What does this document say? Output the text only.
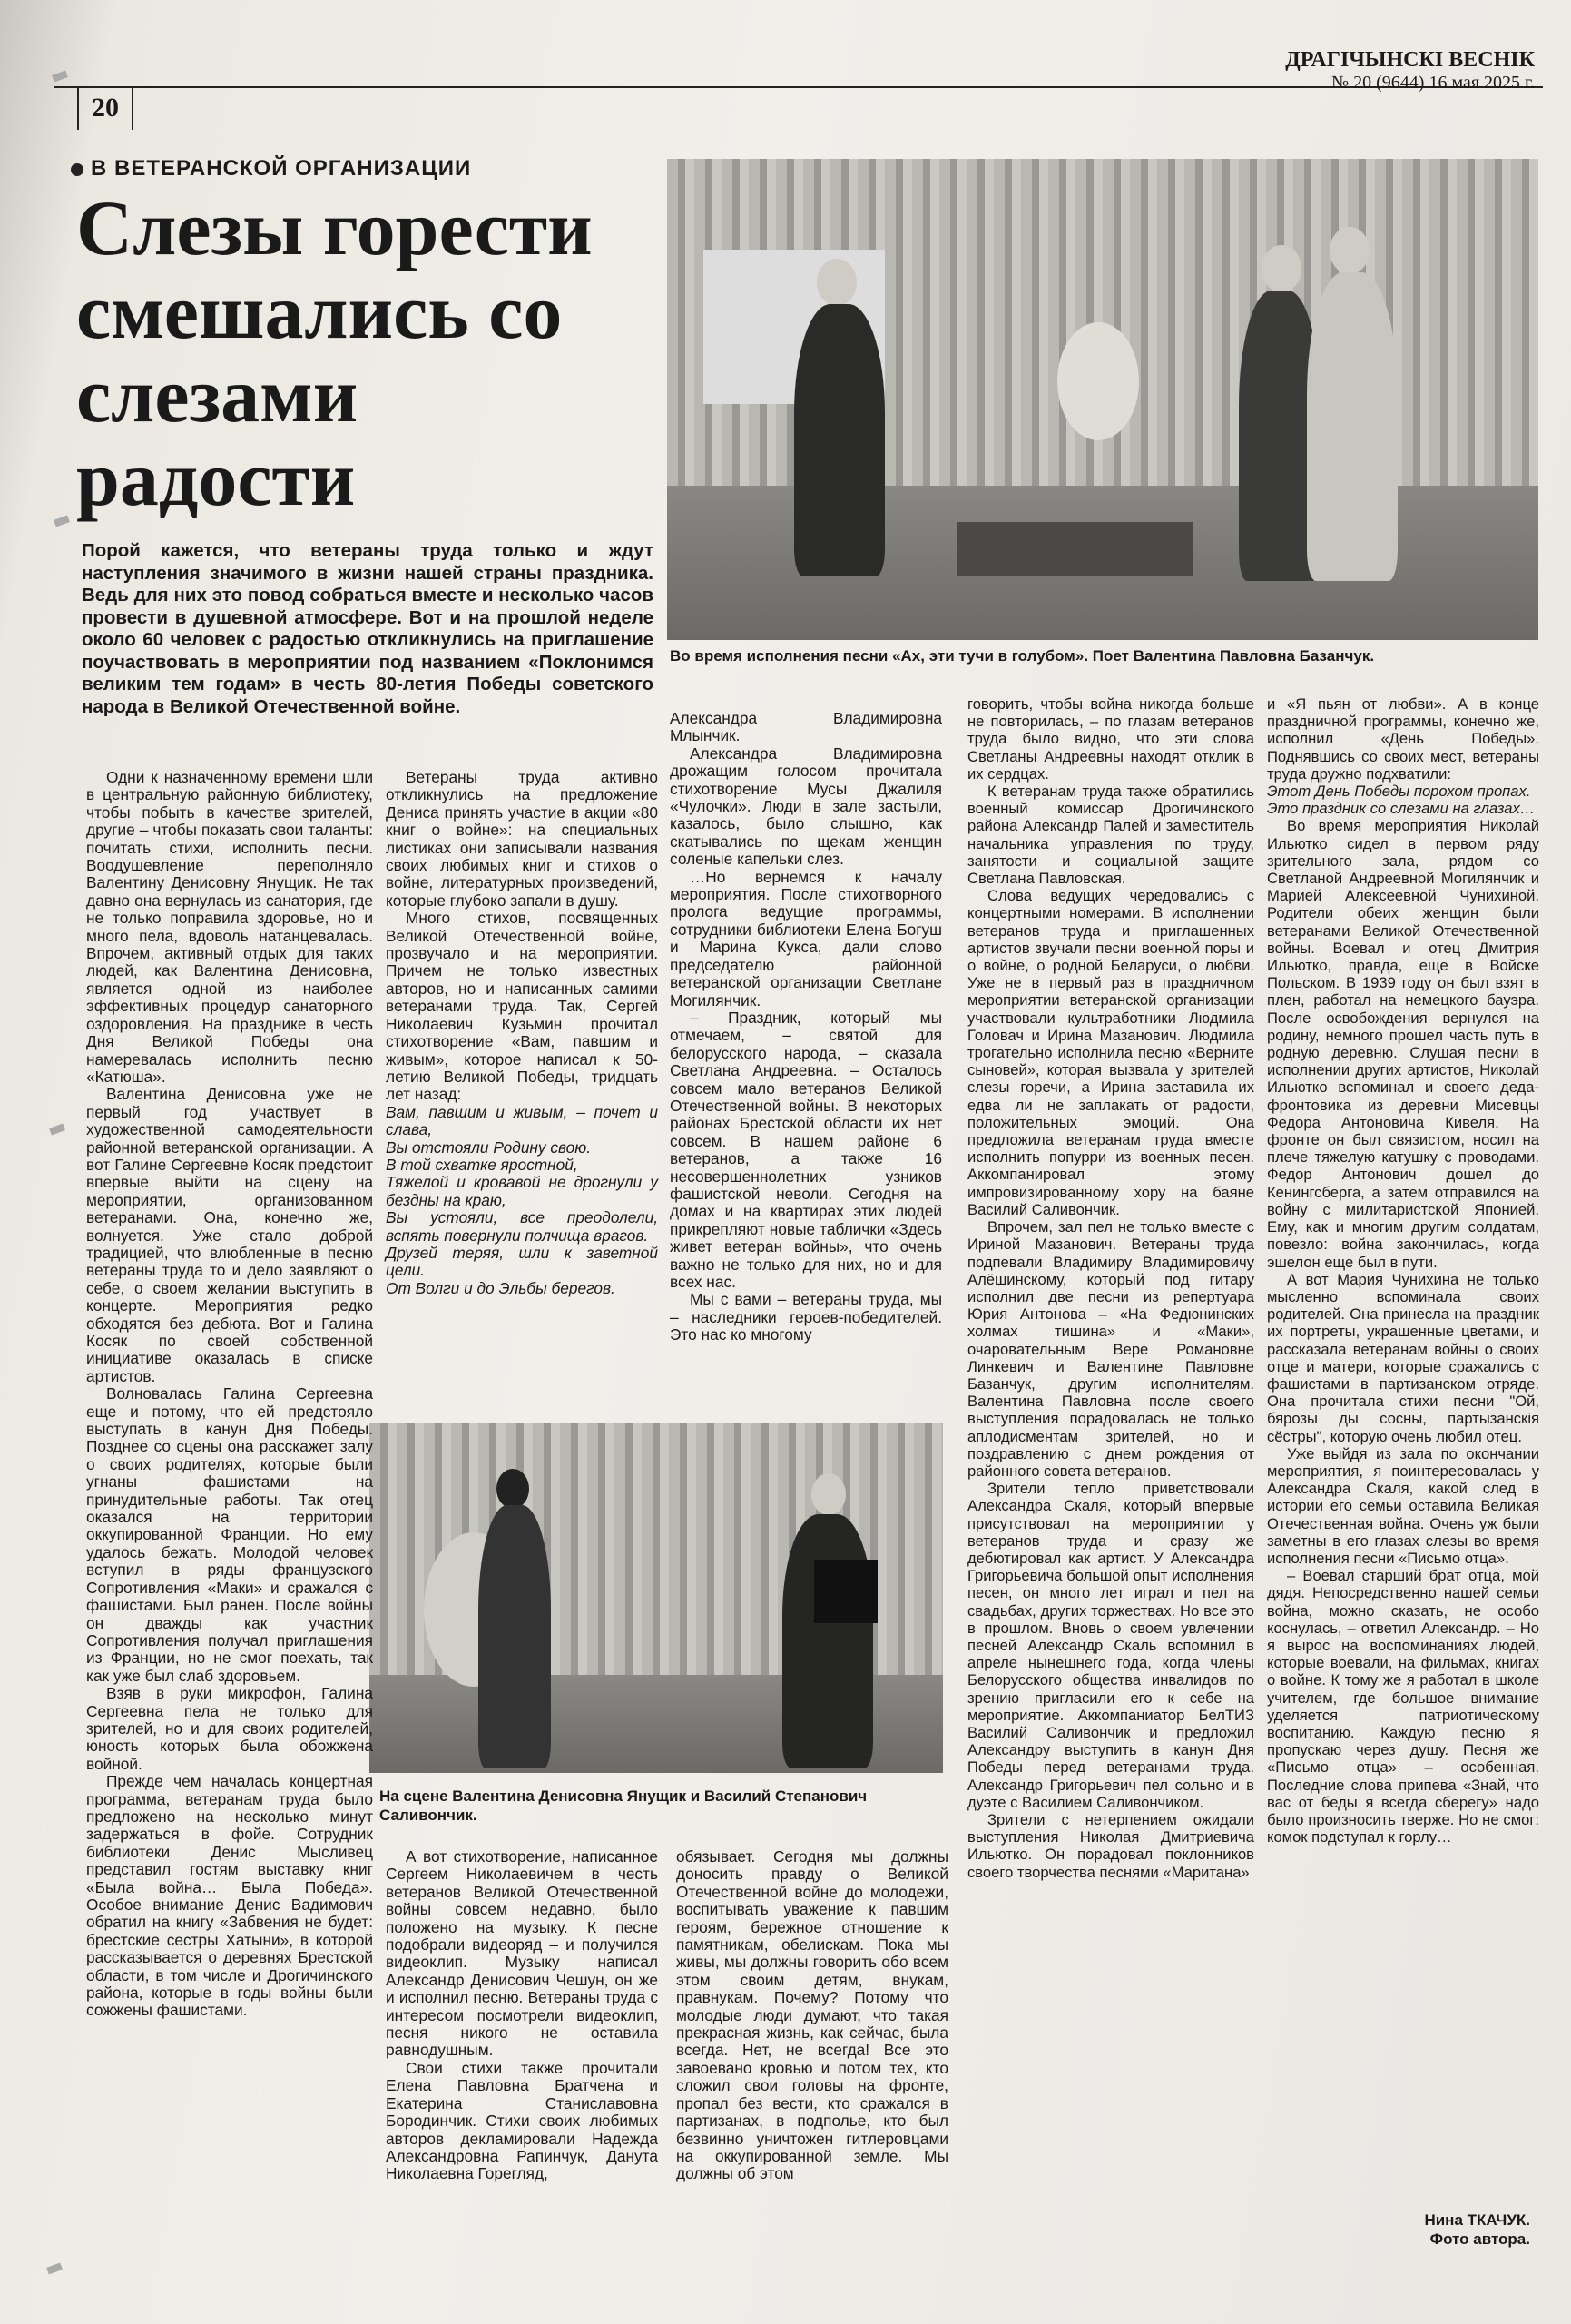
20
ДРАГІЧЫНСКІ ВЕСНІК
№ 20 (9644) 16 мая 2025 г.
В ВЕТЕРАНСКОЙ ОРГАНИЗАЦИИ
Слезы горести смешались со слезами радости
Порой кажется, что ветераны труда только и ждут наступления значимого в жизни нашей страны праздника. Ведь для них это повод собраться вместе и несколько часов провести в душевной атмосфере. Вот и на прошлой неделе около 60 человек с радостью откликнулись на приглашение поучаствовать в мероприятии под названием «Поклонимся великим тем годам» в честь 80-летия Победы советского народа в Великой Отечественной войне.
Во время исполнения песни «Ах, эти тучи в голубом». Поет Валентина Павловна Базанчук.
На сцене Валентина Денисовна Янущик и Василий Степанович Саливончик.

Одни к назначенному времени шли в центральную районную библиотеку, чтобы побыть в качестве зрителей, другие – чтобы показать свои таланты: почитать стихи, исполнить песни. Воодушевление переполняло Валентину Денисовну Янущик. Не так давно она вернулась из санатория, где не только поправила здоровье, но и много пела, вдоволь натанцевалась. Впрочем, активный отдых для таких людей, как Валентина Денисовна, является одной из наиболее эффективных процедур санаторного оздоровления. На празднике в честь Дня Великой Победы она намеревалась исполнить песню «Катюша».

Валентина Денисовна уже не первый год участвует в художественной самодеятельности районной ветеранской организации. А вот Галине Сергеевне Косяк предстоит впервые выйти на сцену на мероприятии, организованном ветеранами. Она, конечно же, волнуется. Уже стало доброй традицией, что влюбленные в песню ветераны труда то и дело заявляют о себе, о своем желании выступить в концерте. Мероприятия редко обходятся без дебюта. Вот и Галина Косяк по своей собственной инициативе оказалась в списке артистов.

Волновалась Галина Сергеевна еще и потому, что ей предстояло выступать в канун Дня Победы. Позднее со сцены она расскажет залу о своих родителях, которые были угнаны фашистами на принудительные работы. Так отец оказался на территории оккупированной Франции. Но ему удалось бежать. Молодой человек вступил в ряды французского Сопротивления «Маки» и сражался с фашистами. Был ранен. После войны он дважды как участник Сопротивления получал приглашения из Франции, но не смог поехать, так как уже был слаб здоровьем.

Взяв в руки микрофон, Галина Сергеевна пела не только для зрителей, но и для своих родителей, юность которых была обожжена войной.

Прежде чем началась концертная программа, ветеранам труда было предложено на несколько минут задержаться в фойе. Сотрудник библиотеки Денис Мысливец представил гостям выставку книг «Была война… Была Победа». Особое внимание Денис Вадимович обратил на книгу «Забвения не будет: брестские сестры Хатыни», в которой рассказывается о деревнях Брестской области, в том числе и Дрогичинского района, которые в годы войны были сожжены фашистами.

Ветераны труда активно откликнулись на предложение Дениса принять участие в акции «80 книг о войне»: на специальных листиках они записывали названия своих любимых книг и стихов о войне, литературных произведений, которые глубоко запали в душу.

Много стихов, посвященных Великой Отечественной войне, прозвучало и на мероприятии. Причем не только известных авторов, но и написанных самими ветеранами труда. Так, Сергей Николаевич Кузьмин прочитал стихотворение «Вам, павшим и живым», которое написал к 50-летию Великой Победы, тридцать лет назад:

Вам, павшим и живым, – почет и слава,

Вы отстояли Родину свою.

В той схватке яростной,

Тяжелой и кровавой не дрогнули у бездны на краю,

Вы устояли, все преодолели, вспять повернули полчища врагов.

Друзей теряя, шли к заветной цели.

От Волги и до Эльбы берегов.

Александра Владимировна Млынчик.

Александра Владимировна дрожащим голосом прочитала стихотворение Мусы Джалиля «Чулочки». Люди в зале застыли, казалось, было слышно, как скатывались по щекам женщин соленые капельки слез.

…Но вернемся к началу мероприятия. После стихотворного пролога ведущие программы, сотрудники библиотеки Елена Богуш и Марина Кукса, дали слово председателю районной ветеранской организации Светлане Могилянчик.

– Праздник, который мы отмечаем, – святой для белорусского народа, – сказала Светлана Андреевна. – Осталось совсем мало ветеранов Великой Отечественной войны. В некоторых районах Брестской области их нет совсем. В нашем районе 6 ветеранов, а также 16 несовершеннолетних узников фашистской неволи. Сегодня на домах и на квартирах этих людей прикрепляют новые таблички «Здесь живет ветеран войны», что очень важно не только для них, но и для всех нас.

Мы с вами – ветераны труда, мы – наследники героев-победителей. Это нас ко многому

говорить, чтобы война никогда больше не повторилась, – по глазам ветеранов труда было видно, что эти слова Светланы Андреевны находят отклик в их сердцах.

К ветеранам труда также обратились военный комиссар Дрогичинского района Александр Палей и заместитель начальника управления по труду, занятости и социальной защите Светлана Павловская.

Слова ведущих чередовались с концертными номерами. В исполнении ветеранов труда и приглашенных артистов звучали песни военной поры и о войне, о родной Беларуси, о любви. Уже не в первый раз в праздничном мероприятии ветеранской организации участвовали культработники Людмила Головач и Ирина Мазанович. Людмила трогательно исполнила песню «Верните сыновей», которая вызвала у зрителей слезы горечи, а Ирина заставила их едва ли не заплакать от радости, положительных эмоций. Она предложила ветеранам труда вместе исполнить попурри из военных песен. Аккомпанировал этому импровизированному хору на баяне Василий Саливончик.

Впрочем, зал пел не только вместе с Ириной Мазанович. Ветераны труда подпевали Владимиру Владимировичу Алёшинскому, который под гитару исполнил две песни из репертуара Юрия Антонова – «На Федюнинских холмах тишина» и «Маки», очаровательным Вере Романовне Линкевич и Валентине Павловне Базанчук, другим исполнителям. Валентина Павловна после своего выступления порадовалась не только аплодисментам зрителей, но и поздравлению с днем рождения от районного совета ветеранов.

Зрители тепло приветствовали Александра Скаля, который впервые присутствовал на мероприятии у ветеранов труда и сразу же дебютировал как артист. У Александра Григорьевича большой опыт исполнения песен, он много лет играл и пел на свадьбах, других торжествах. Но все это в прошлом. Вновь о своем увлечении песней Александр Скаль вспомнил в апреле нынешнего года, когда члены Белорусского общества инвалидов по зрению пригласили его к себе на мероприятие. Аккомпаниатор БелТИЗ Василий Саливончик и предложил Александру выступить в канун Дня Победы перед ветеранами труда. Александр Григорьевич пел сольно и в дуэте с Василием Саливончиком.

Зрители с нетерпением ожидали выступления Николая Дмитриевича Ильютко. Он порадовал поклонников своего творчества песнями «Маритана»

и «Я пьян от любви». А в конце праздничной программы, конечно же, исполнил «День Победы». Поднявшись со своих мест, ветераны труда дружно подхватили:

Этот День Победы порохом пропах.

Это праздник со слезами на глазах…

Во время мероприятия Николай Ильютко сидел в первом ряду зрительного зала, рядом со Светланой Андреевной Могилянчик и Марией Алексеевной Чунихиной. Родители обеих женщин были ветеранами Великой Отечественной войны. Воевал и отец Дмитрия Ильютко, правда, еще в Войске Польском. В 1939 году он был взят в плен, работал на немецкого бауэра. После освобождения вернулся на родину, немного прошел часть путь в родную деревню. Слушая песни в исполнении других артистов, Николай Ильютко вспоминал и своего деда-фронтовика из деревни Мисевцы Федора Антоновича Кивеля. На фронте он был связистом, носил на плече тяжелую катушку с проводами. Федор Антонович дошел до Кенингсберга, а затем отправился на войну с милитаристской Японией. Ему, как и многим другим солдатам, повезло: война закончилась, когда эшелон еще был в пути.

А вот Мария Чунихина не только мысленно вспоминала своих родителей. Она принесла на праздник их портреты, украшенные цветами, и рассказала ветеранам войны о своих отце и матери, которые сражались с фашистами в партизанском отряде. Она прочитала стихи песни "Ой, бярозы ды сосны, партызанскія сёстры", которую очень любил отец.

Уже выйдя из зала по окончании мероприятия, я поинтересовалась у Александра Скаля, какой след в истории его семьи оставила Великая Отечественная война. Очень уж были заметны в его глазах слезы во время исполнения песни «Письмо отца».

– Воевал старший брат отца, мой дядя. Непосредственно нашей семьи война, можно сказать, не особо коснулась, – ответил Александр. – Но я вырос на воспоминаниях людей, которые воевали, на фильмах, книгах о войне. К тому же я работал в школе учителем, где большое внимание уделяется патриотическому воспитанию. Каждую песню я пропускаю через душу. Песня же «Письмо отца» – особенная. Последние слова припева «Знай, что вас от беды я всегда сберегу» надо было произносить тверже. Но не смог: комок подступал к горлу…

А вот стихотворение, написанное Сергеем Николаевичем в честь ветеранов Великой Отечественной войны совсем недавно, было положено на музыку. К песне подобрали видеоряд – и получился видеоклип. Музыку написал Александр Денисович Чешун, он же и исполнил песню. Ветераны труда с интересом посмотрели видеоклип, песня никого не оставила равнодушным.

Свои стихи также прочитали Елена Павловна Братчена и Екатерина Станиславовна Бородинчик. Стихи своих любимых авторов декламировали Надежда Александровна Рапинчук, Данута Николаевна Горегляд,

обязывает. Сегодня мы должны доносить правду о Великой Отечественной войне до молодежи, воспитывать уважение к павшим героям, бережное отношение к памятникам, обелискам. Пока мы живы, мы должны говорить обо всем этом своим детям, внукам, правнукам. Почему? Потому что молодые люди думают, что такая прекрасная жизнь, как сейчас, была всегда. Нет, не всегда! Все это завоевано кровью и потом тех, кто сложил свои головы на фронте, пропал без вести, кто сражался в партизанах, в подполье, кто был безвинно уничтожен гитлеровцами на оккупированной земле. Мы должны об этом

Нина ТКАЧУК.
Фото автора.
